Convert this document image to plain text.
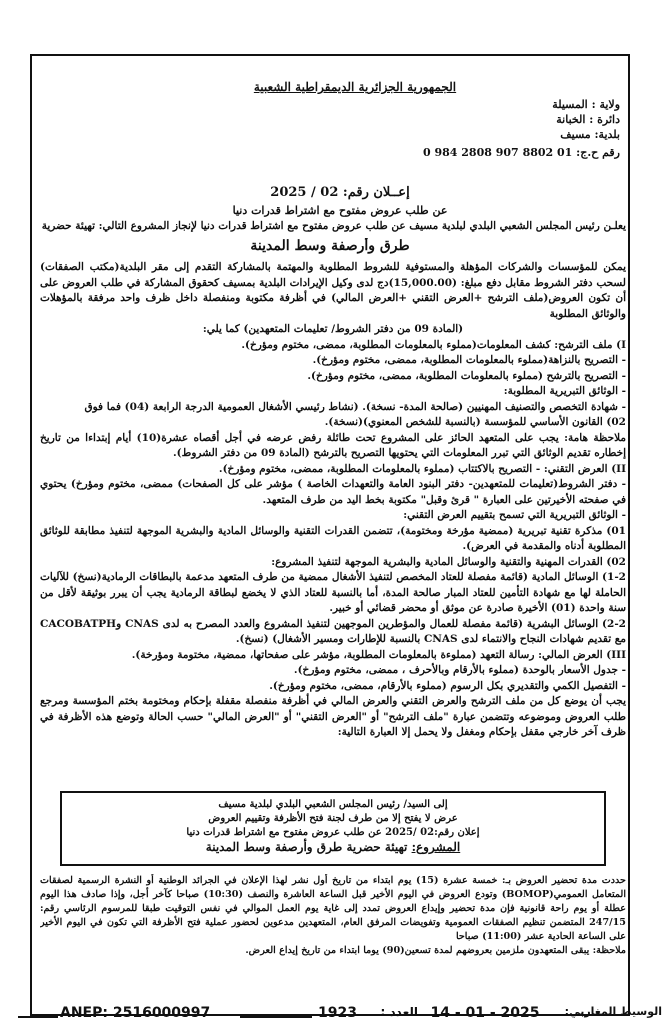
الجمهورية الجزائرية الديمقراطية الشعبية
ولاية : المسيلة
دائرة : الخبانة
بلدية: مسيف
رقم ح.ج: 01 8802 907 2808 984 0
إعــلان رقم: 02 / 2025
عن طلب عروض مفتوح مع اشتراط قدرات دنيا
يعلـن رئيس المجلس الشعبي البلدي لبلدية مسيف عن طلب عروض مفتوح مع اشتراط قدرات دنيا لإنجاز المشروع التالي: تهيئة حضرية
طرق وأرصفة وسط المدينة

يمكن للمؤسسات والشركات المؤهلة والمستوفية للشروط المطلوبة والمهتمة بالمشاركة التقدم إلى مقر البلدية(مكتب الصفقات) لسحب دفتر الشروط مقابل دفع مبلغ: (15,000.00)دج لدى وكيل الإيرادات البلدية بمسيف كحقوق المشاركة في طلب العروض على أن تكون العروض(ملف الترشح +العرض التقني +العرض المالي) في أظرفة مكتوبة ومنفصلة داخل ظرف واحد مرفقة بالمؤهلات والوثائق المطلوبة

(المادة 09 من دفتر الشروط/ تعليمات المتعهدين) كما يلي:

I) ملف الترشح: كشف المعلومات(مملوء بالمعلومات المطلوبة، ممضى، مختوم ومؤرخ).

- التصريح بالنزاهة(مملوء بالمعلومات المطلوبة، ممضى، مختوم ومؤرخ).

- التصريح بالترشح (مملوء بالمعلومات المطلوبة، ممضى، مختوم ومؤرخ).

- الوثائق التبريرية المطلوبة:

- شهادة التخصص والتصنيف المهنيين (صالحة المدة- نسخة). (نشاط رئيسي الأشغال العمومية الدرجة الرابعة (04) فما فوق

02) القانون الأساسي للمؤسسة (بالنسبة للشخص المعنوي)(نسخة).

ملاحظة هامة: يجب على المتعهد الحائز على المشروع تحت طائلة رفض عرضه في أجل أقصاه عشرة(10) أيام إبتداءا من تاريخ إخطاره تقديم الوثائق التي تبرر المعلومات التي يحتويها التصريح بالترشح (المادة 09 من دفتر الشروط).

II) العرض التقني: - التصريح بالاكتتاب (مملوء بالمعلومات المطلوبة، ممضى، مختوم ومؤرخ).

- دفتر الشروط(تعليمات للمتعهدين- دفتر البنود العامة والتعهدات الخاصة ) مؤشر على كل الصفحات) ممضى، مختوم ومؤرخ) يحتوي في صفحته الأخيرتين على العبارة " قرئ وقبل" مكتوبة بخط اليد من طرف المتعهد.

- الوثائق التبريرية التي تسمح بتقييم العرض التقني:

01) مذكرة تقنية تبريرية (ممضية مؤرخة ومختومة)، تتضمن القدرات التقنية والوسائل المادية والبشرية الموجهة لتنفيذ مطابقة للوثائق المطلوبة أدناه والمقدمة في العرض).

02) القدرات المهنية والتقنية والوسائل المادية والبشرية الموجهة لتنفيذ المشروع:

1-2) الوسائل المادية (قائمة مفصلة للعتاد المخصص لتنفيذ الأشغال ممضية من طرف المتعهد مدعمة بالبطاقات الرمادية(نسخ) للآليات الحاملة لها مع شهادة التأمين للعتاد المبار صالحة المدة، أما بالنسبة للعتاد الذي لا يخضع لبطاقة الرمادية يجب أن يبرر بوثيقة لأقل من سنة واحدة (01) الأخيرة صادرة عن موثق أو محضر قضائي أو خبير.

2-2) الوسائل البشرية (قائمة مفصلة للعمال والمؤطرين الموجهين لتنفيذ المشروع والعدد المصرح به لدى CNAS وCACOBATPH مع تقديم شهادات النجاح والانتماء لدى CNAS بالنسبة للإطارات ومسير الأشغال) (نسخ).

III) العرض المالي: رسالة التعهد (مملوءة بالمعلومات المطلوبة، مؤشر على صفحاتها، ممضية، مختومة ومؤرخة).

- جدول الأسعار بالوحدة (مملوء بالأرقام وبالأحرف ، ممضى، مختوم ومؤرخ).

- التفصيل الكمي والتقديري بكل الرسوم (مملوء بالأرقام، ممضى، مختوم ومؤرخ).

يجب أن يوضع كل من ملف الترشح والعرض التقني والعرض المالي في أظرفة منفصلة مقفلة بإحكام ومختومة بختم المؤسسة ومرجع طلب العروض وموضوعه وتتضمن عبارة "ملف الترشح" أو "العرض التقني" أو "العرض المالي" حسب الحالة وتوضع هذه الأظرفة في ظرف آخر خارجي مقفل بإحكام ومغفل ولا يحمل إلا العبارة التالية:

إلى السيد/ رئيس المجلس الشعبي البلدي لبلدية مسيف
عرض لا يفتح إلا من طرف لجنة فتح الأظرفة وتقييم العروض
إعلان رقم:02 /2025 عن طلب عروض مفتوح مع اشتراط قدرات دنيا
المشروع: تهيئة حضرية طرق وأرصفة وسط المدينة

حددت مدة تحضير العروض بـ: خمسة عشرة (15) يوم ابتداء من تاريخ أول نشر لهذا الإعلان في الجرائد الوطنية أو النشرة الرسمية لصفقات المتعامل العمومي(BOMOP) وتودع العروض في اليوم الأخير قبل الساعة العاشرة والنصف (10:30) صباحا كآخر أجل، وإذا صادف هذا اليوم عطلة أو يوم راحة قانونية فإن مدة تحضير وإيداع العروض تمدد إلى غاية يوم العمل الموالي في نفس التوقيت طبقا للمرسوم الرئاسي رقم: 247/15 المتضمن تنظيم الصفقات العمومية وتفويضات المرفق العام، المتعهدين مدعوين لحضور عملية فتح الأظرفة التي تكون في اليوم الأخير على الساعة الحادية عشر (11:00) صباحا

ملاحظة: يبقى المتعهدون ملزمين بعروضهم لمدة تسعين(90) يوما ابتداء من تاريخ إيداع العرض.

ANEP: 2516000997	1923	العدد : 14 - 01 - 2025	الوسيط المغاربي:
